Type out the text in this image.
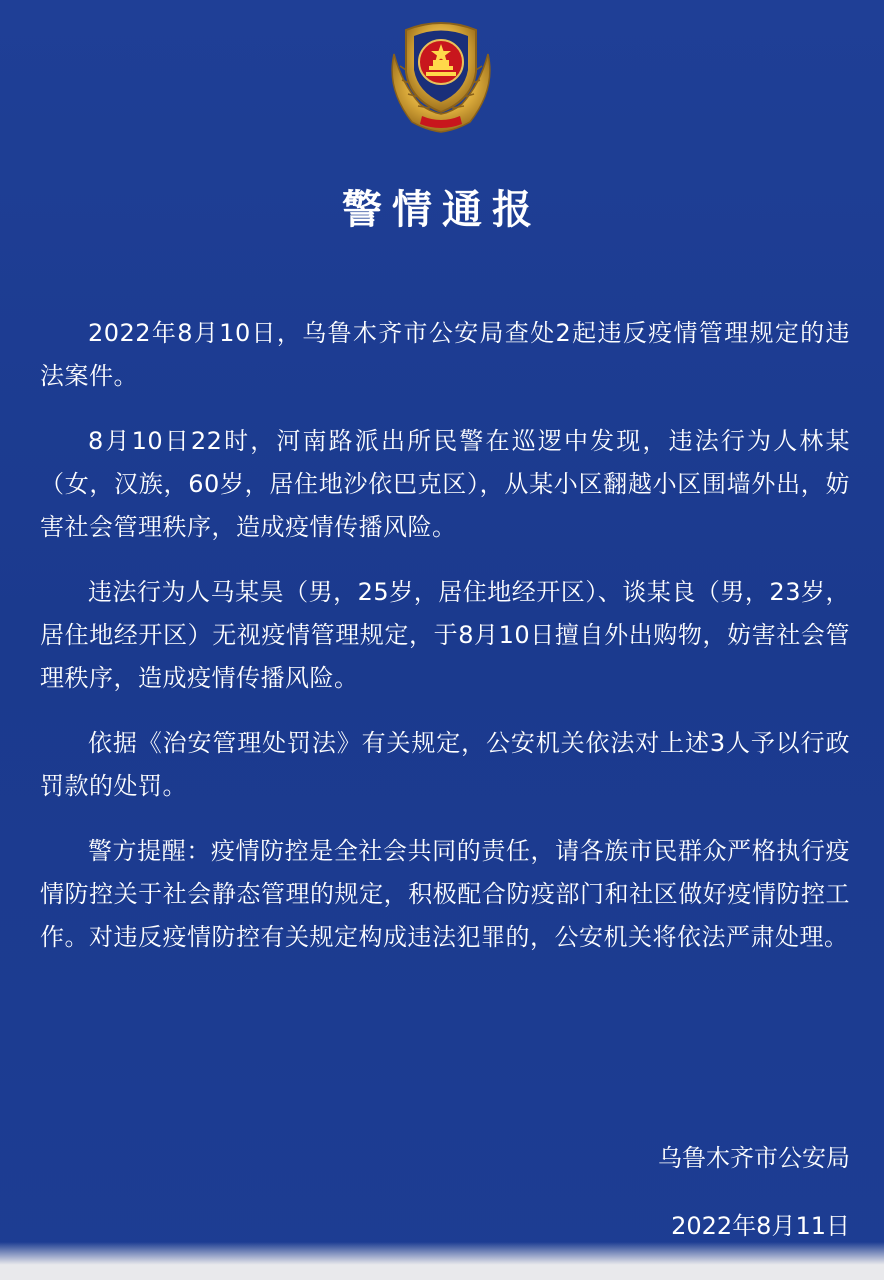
警情通报

2022年8月10日，乌鲁木齐市公安局查处2起违反疫情管理规定的违法案件。

8月10日22时，河南路派出所民警在巡逻中发现，违法行为人林某（女，汉族，60岁，居住地沙依巴克区），从某小区翻越小区围墙外出，妨害社会管理秩序，造成疫情传播风险。

违法行为人马某昊（男，25岁，居住地经开区）、谈某良（男，23岁，居住地经开区）无视疫情管理规定，于8月10日擅自外出购物，妨害社会管理秩序，造成疫情传播风险。

依据《治安管理处罚法》有关规定，公安机关依法对上述3人予以行政罚款的处罚。

警方提醒：疫情防控是全社会共同的责任，请各族市民群众严格执行疫情防控关于社会静态管理的规定，积极配合防疫部门和社区做好疫情防控工作。对违反疫情防控有关规定构成违法犯罪的，公安机关将依法严肃处理。

乌鲁木齐市公安局
2022年8月11日
